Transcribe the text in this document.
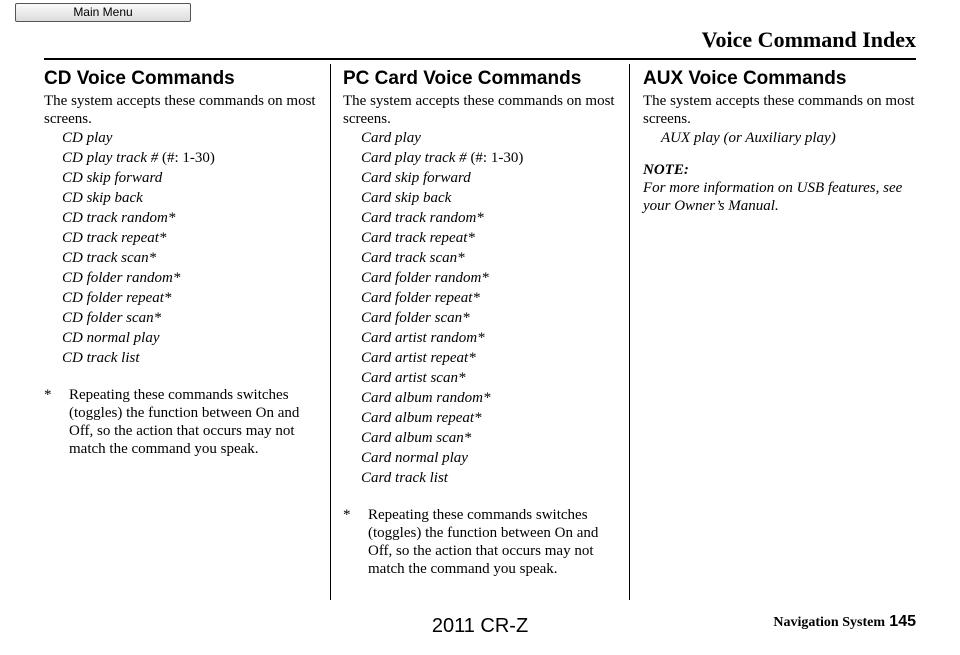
Main Menu
Voice Command Index
CD Voice Commands

The system accepts these commands on most screens.

CD play
CD play track # (#: 1-30)
CD skip forward
CD skip back
CD track random*
CD track repeat*
CD track scan*
CD folder random*
CD folder repeat*
CD folder scan*
CD normal play
CD track list
*	Repeating these commands switches (toggles) the function between On and Off, so the action that occurs may not match the command you speak.
PC Card Voice Commands

The system accepts these commands on most screens.

Card play
Card play track # (#: 1-30)
Card skip forward
Card skip back
Card track random*
Card track repeat*
Card track scan*
Card folder random*
Card folder repeat*
Card folder scan*
Card artist random*
Card artist repeat*
Card artist scan*
Card album random*
Card album repeat*
Card album scan*
Card normal play
Card track list
*	Repeating these commands switches (toggles) the function between On and Off, so the action that occurs may not match the command you speak.
AUX Voice Commands

The system accepts these commands on most screens.

AUX play (or Auxiliary play)

NOTE:

For more information on USB features, see your Owner’s Manual.

2011 CR-Z	Navigation System 145
